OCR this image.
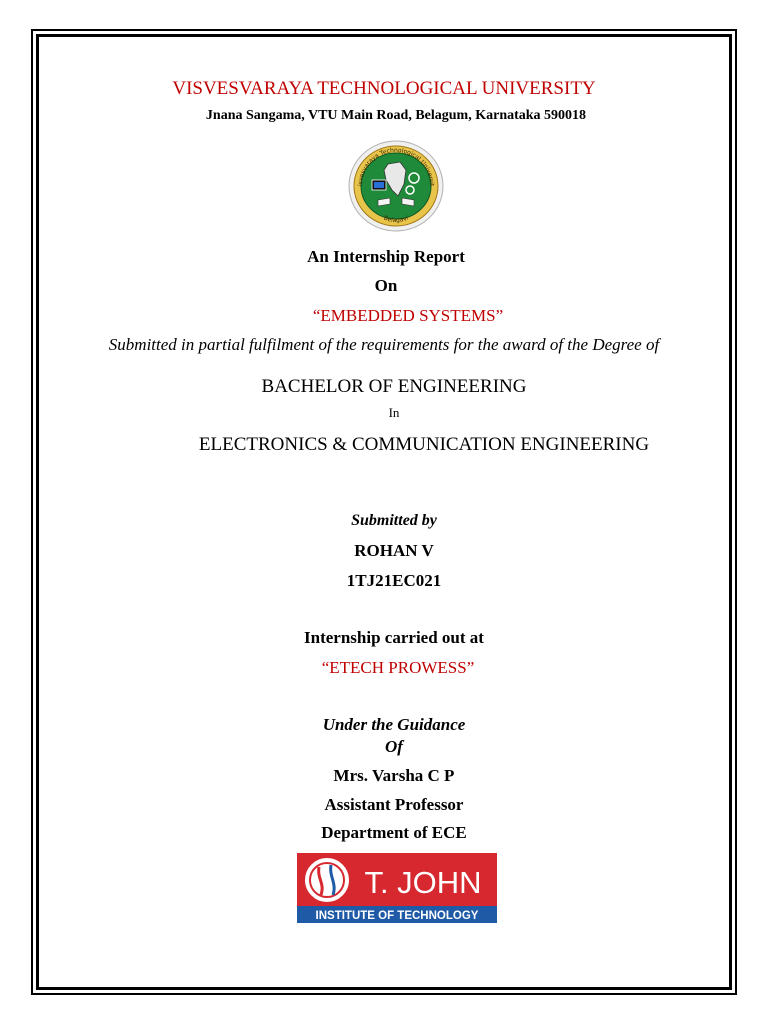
VISVESVARAYA TECHNOLOGICAL UNIVERSITY
Jnana Sangama, VTU Main Road, Belagum, Karnataka 590018
isvesvaraya Technological Universit
Belagavi
An Internship Report
On
“EMBEDDED SYSTEMS”
Submitted in partial fulfilment of the requirements for the award of the Degree of
BACHELOR OF ENGINEERING
In
ELECTRONICS & COMMUNICATION ENGINEERING
Submitted by
ROHAN V
1TJ21EC021
Internship carried out at
“ETECH PROWESS”
Under the Guidance
Of
Mrs. Varsha C P
Assistant Professor
Department of ECE
T. JOHN
INSTITUTE OF TECHNOLOGY
